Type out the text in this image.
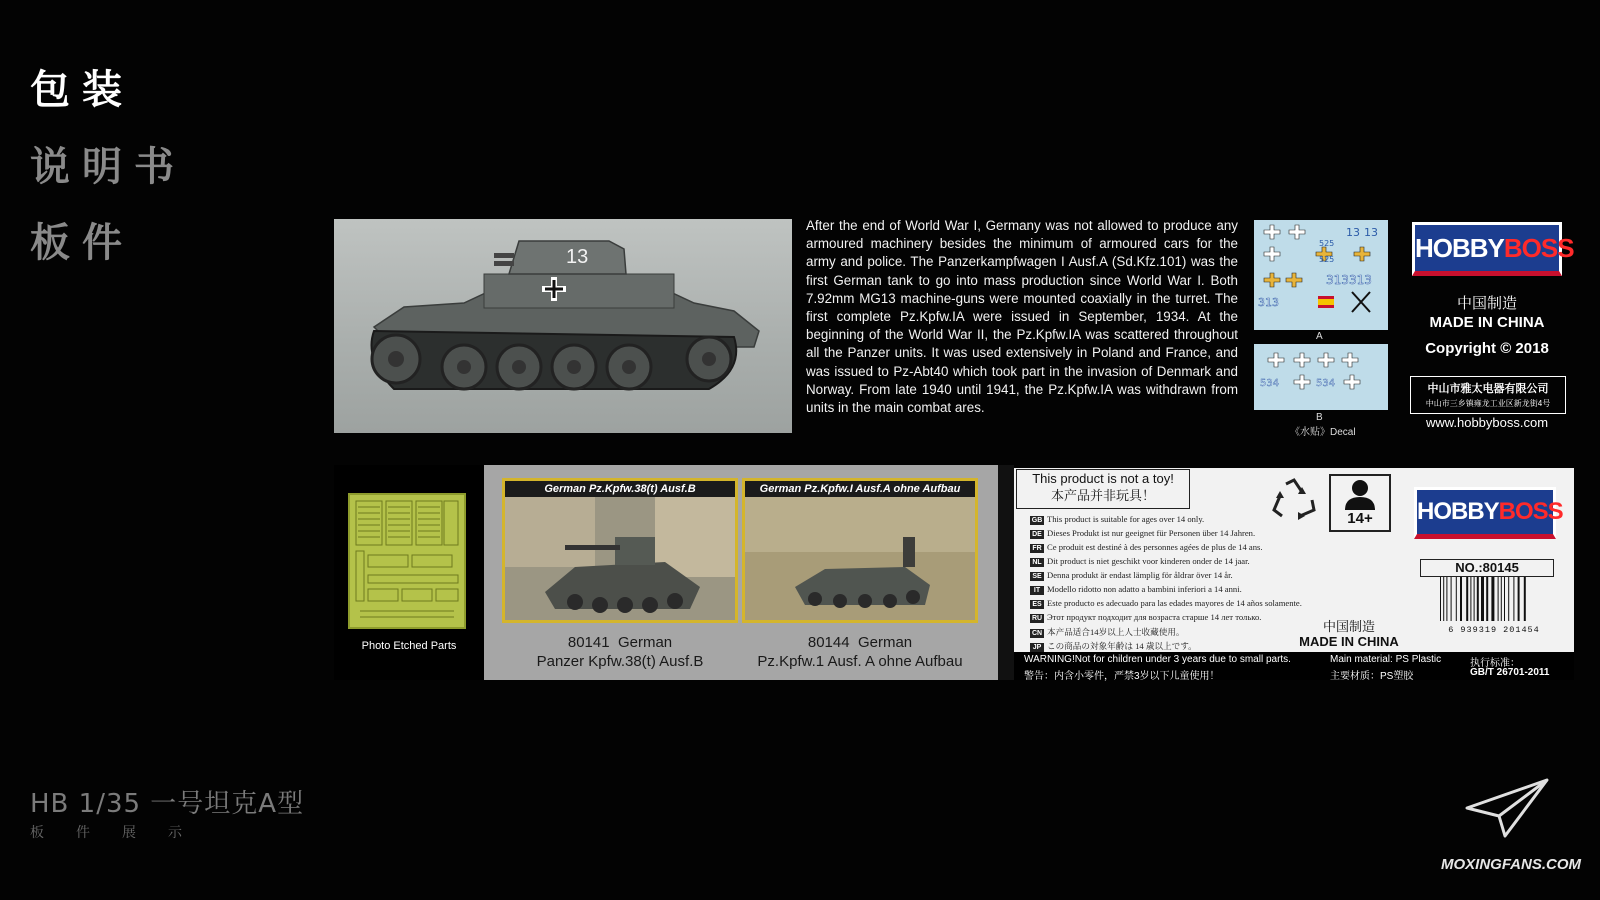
包装
说明书
板件
HB 1/35 一号坦克A型
板件展示
13
After the end of World War I, Germany was not allowed to produce any armoured machinery besides the minimum of armoured cars for the army and police. The Panzerkampfwagen I Ausf.A (Sd.Kfz.101) was the first German tank to go into mass production since World War I. Both 7.92mm MG13 machine-guns were mounted coaxially in the turret. The first complete Pz.Kpfw.IA were issued in September, 1934. At the beginning of the World War II, the Pz.Kpfw.IA was scattered throughout all the Panzer units. It was used extensively in Poland and France, and was issued to Pz-Abt40 which took part in the invasion of Denmark and Norway. From late 1940 until 1941, the Pz.Kpfw.IA was withdrawn from units in the main combat ares.
13 13
525
525
313 313
313
A
534	534
B
《水贴》Decal
HOBBYBOSS
中国制造
MADE IN CHINA
Copyright © 2018
中山市雅太电器有限公司
中山市三乡镇雍龙工业区新龙街4号
www.hobbyboss.com
Photo Etched Parts
German Pz.Kpfw.38(t) Ausf.B
80141 German
Panzer Kpfw.38(t) Ausf.B
German Pz.Kpfw.I Ausf.A ohne Aufbau
80144 German
Pz.Kpfw.1 Ausf. A ohne Aufbau
This product is not a toy!
本产品并非玩具！
14+	HOBBYBOSS
NO.:80145
6 939319 201454
GB This product is suitable for ages over 14 only.
DE Dieses Produkt ist nur geeignet für Personen über 14 Jahren.
FR Ce produit est destiné à des personnes agées de plus de 14 ans.
NL Dit product is niet geschikt voor kinderen onder de 14 jaar.
SE Denna produkt är endast lämplig för åldrar över 14 år.
IT Modello ridotto non adatto a bambini inferiori a 14 anni.
ES Este producto es adecuado para las edades mayores de 14 años solamente.
RU Этот продукт подходит для возраста старше 14 лет только.
CN 本产品适合14岁以上人士收藏使用。
JP この商品の対象年齢は 14 歳以上です。
中国制造
MADE IN CHINA
WARNING!Not for children under 3 years due to small parts.
警告：内含小零件，严禁3岁以下儿童使用！
Main material: PS Plastic
主要材质：PS塑胶
执行标准：
GB/T 26701-2011
MOXINGFANS.COM
